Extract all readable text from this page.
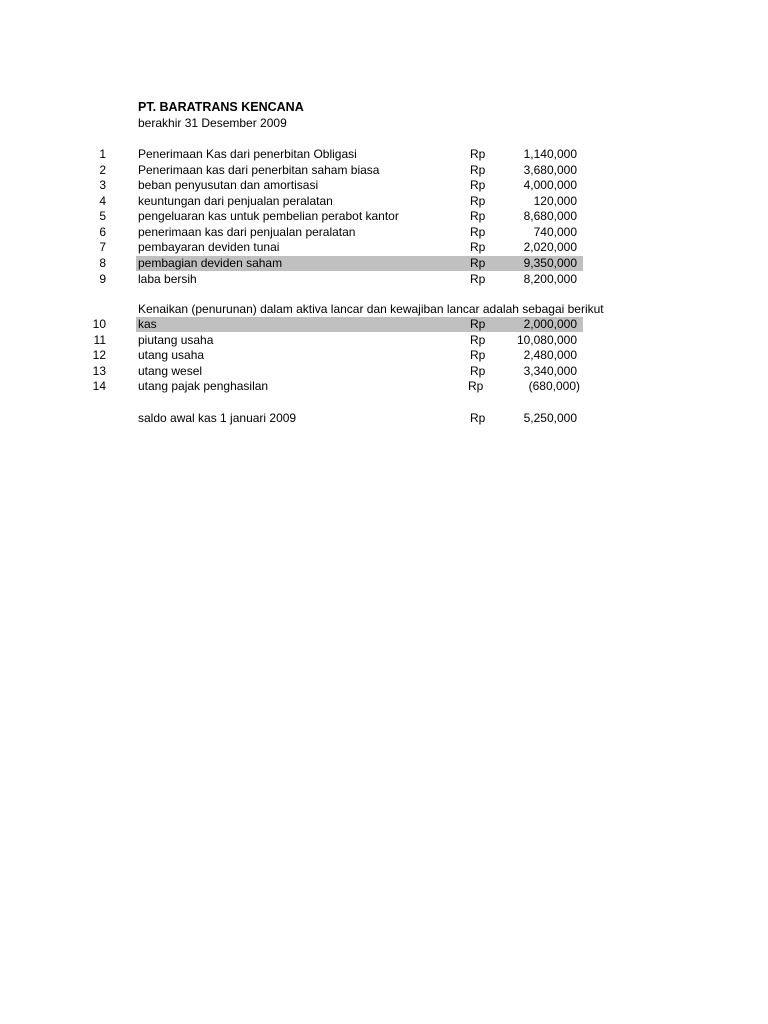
PT. BARATRANS KENCANA
berakhir 31 Desember 2009
1	Penerimaan Kas dari penerbitan Obligasi	Rp	1,140,000
2	Penerimaan kas dari penerbitan saham biasa	Rp	3,680,000
3	beban penyusutan dan amortisasi	Rp	4,000,000
4	keuntungan dari penjualan peralatan	Rp	120,000
5	pengeluaran kas untuk pembelian perabot kantor	Rp	8,680,000
6	penerimaan kas dari penjualan peralatan	Rp	740,000
7	pembayaran deviden tunai	Rp	2,020,000
8	pembagian deviden saham	Rp	9,350,000
9	laba bersih	Rp	8,200,000
Kenaikan (penurunan) dalam aktiva lancar dan kewajiban lancar adalah sebagai berikut
10	kas	Rp	2,000,000
11	piutang usaha	Rp	10,080,000
12	utang usaha	Rp	2,480,000
13	utang wesel	Rp	3,340,000
14	utang pajak penghasilan	Rp	(680,000)
saldo awal kas 1 januari 2009	Rp	5,250,000
